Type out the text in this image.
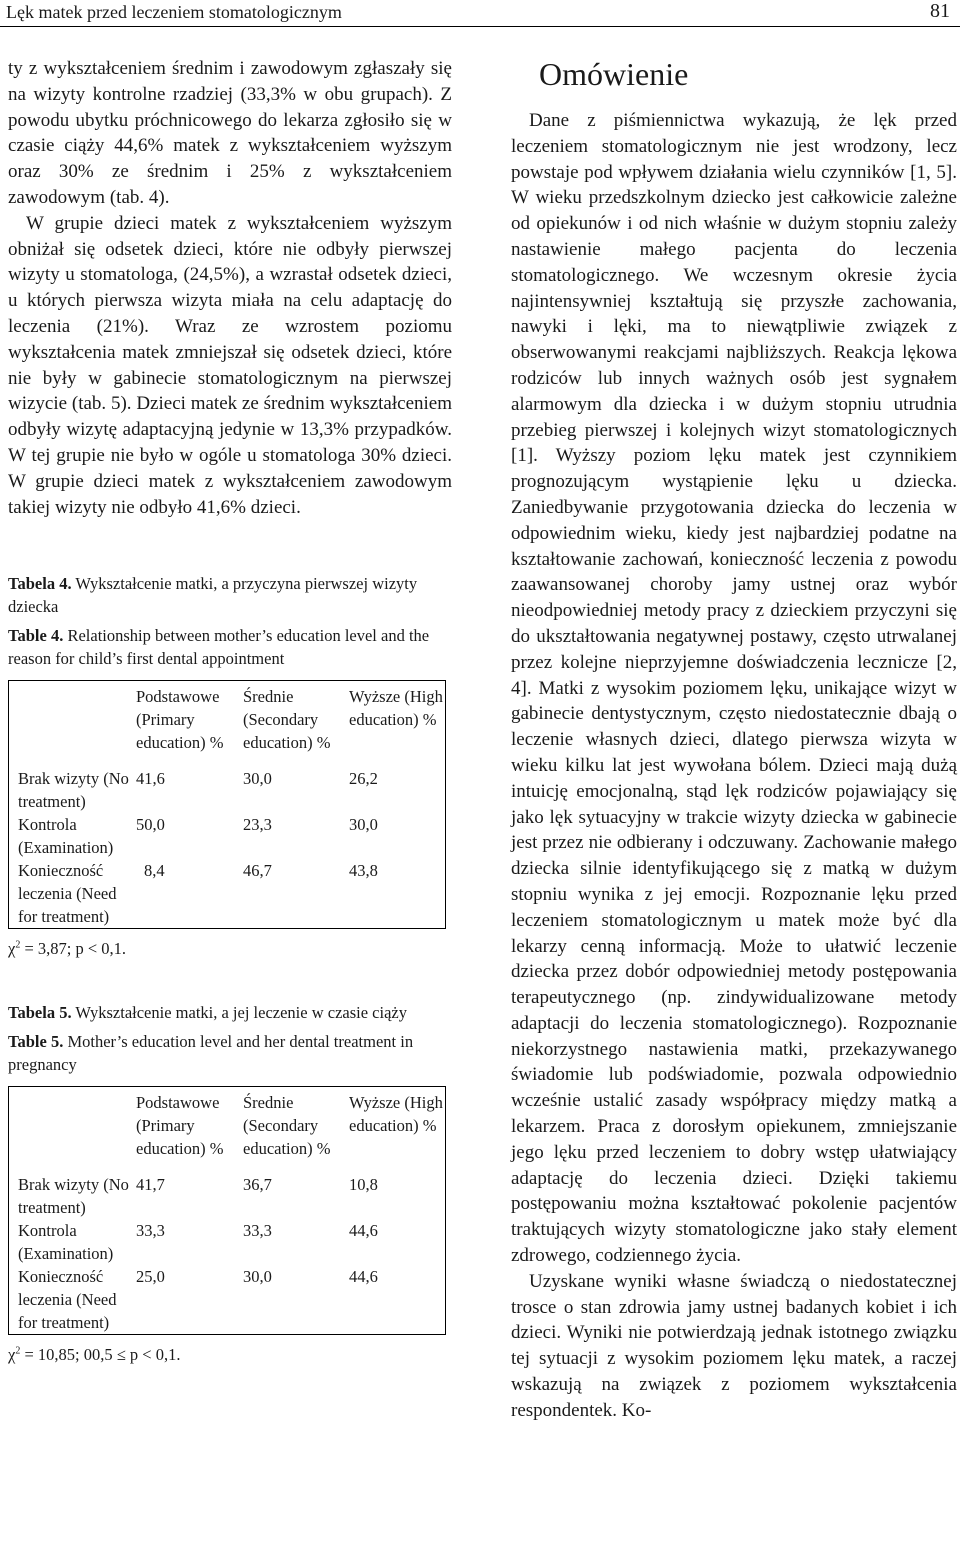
Lęk matek przed leczeniem stomatologicznym	81

ty z wykształceniem średnim i zawodowym zgłaszały się na wizyty kontrolne rzadziej (33,3% w obu grupach). Z powodu ubytku próchnicowego do lekarza zgłosiło się w czasie ciąży 44,6% matek z wykształceniem wyższym oraz 30% ze średnim i 25% z wykształceniem zawodowym (tab. 4).

W grupie dzieci matek z wykształceniem wyższym obniżał się odsetek dzieci, które nie odbyły pierwszej wizyty u stomatologa, (24,5%), a wzrastał odsetek dzieci, u których pierwsza wizyta miała na celu adaptację do leczenia (21%). Wraz ze wzrostem poziomu wykształcenia matek zmniejszał się odsetek dzieci, które nie były w gabinecie stomatologicznym na pierwszej wizycie (tab. 5). Dzieci matek ze średnim wykształceniem odbyły wizytę adaptacyjną jedynie w 13,3% przypadków. W tej grupie nie było w ogóle u stomatologa 30% dzieci. W grupie dzieci matek z wykształceniem zawodowym takiej wizyty nie odbyło 41,6% dzieci.

Tabela 4. Wykształcenie matki, a przyczyna pierwszej wizyty dziecka

Table 4. Relationship between mother’s education level and the reason for child’s first dental appointment

	Podstawowe (Primary education) %	Średnie (Secondary education) %	Wyższe (High education) %
Brak wizyty (No treatment)	41,6	30,0	26,2
Kontrola (Examination)	50,0	23,3	30,0
Konieczność leczenia (Need for treatment)	8,4	46,7	43,8
$\chi^2 = 3,87$; p < 0,1.

Tabela 5. Wykształcenie matki, a jej leczenie w czasie ciąży

Table 5. Mother’s education level and her dental treatment in pregnancy

	Podstawowe (Primary education) %	Średnie (Secondary education) %	Wyższe (High education) %
Brak wizyty (No treatment)	41,7	36,7	10,8
Kontrola (Examination)	33,3	33,3	44,6
Konieczność leczenia (Need for treatment)	25,0	30,0	44,6
$\chi^2 = 10,85$; 00,5 ≤ p < 0,1.
Omówienie

Dane z piśmiennictwa wykazują, że lęk przed leczeniem stomatologicznym nie jest wrodzony, lecz powstaje pod wpływem działania wielu czynników [1, 5]. W wieku przedszkolnym dziecko jest całkowicie zależne od opiekunów i od nich właśnie w dużym stopniu zależy nastawienie małego pacjenta do leczenia stomatologicznego. We wczesnym okresie życia najintensywniej kształtują się przyszłe zachowania, nawyki i lęki, ma to niewątpliwie związek z obserwowanymi reakcjami najbliższych. Reakcja lękowa rodziców lub innych ważnych osób jest sygnałem alarmowym dla dziecka i w dużym stopniu utrudnia przebieg pierwszej i kolejnych wizyt stomatologicznych [1]. Wyższy poziom lęku matek jest czynnikiem prognozującym wystąpienie lęku u dziecka. Zaniedbywanie przygotowania dziecka do leczenia w odpowiednim wieku, kiedy jest najbardziej podatne na kształtowanie zachowań, konieczność leczenia z powodu zaawansowanej choroby jamy ustnej oraz wybór nieodpowiedniej metody pracy z dzieckiem przyczyni się do ukształtowania negatywnej postawy, często utrwalanej przez kolejne nieprzyjemne doświadczenia lecznicze [2, 4]. Matki z wysokim poziomem lęku, unikające wizyt w gabinecie dentystycznym, często niedostatecznie dbają o leczenie własnych dzieci, dlatego pierwsza wizyta w wieku kilku lat jest wywołana bólem. Dzieci mają dużą intuicję emocjonalną, stąd lęk rodziców pojawiający się jako lęk sytuacyjny w trakcie wizyty dziecka w gabinecie jest przez nie odbierany i odczuwany. Zachowanie małego dziecka silnie identyfikującego się z matką w dużym stopniu wynika z jej emocji. Rozpoznanie lęku przed leczeniem stomatologicznym u matek może być dla lekarzy cenną informacją. Może to ułatwić leczenie dziecka przez dobór odpowiedniej metody postępowania terapeutycznego (np. zindywidualizowane metody adaptacji do leczenia stomatologicznego). Rozpoznanie niekorzystnego nastawienia matki, przekazywanego świadomie lub podświadomie, pozwala odpowiednio wcześnie ustalić zasady współpracy między matką a lekarzem. Praca z dorosłym opiekunem, zmniejszanie jego lęku przed leczeniem to dobry wstęp ułatwiający adaptację do leczenia dzieci. Dzięki takiemu postępowaniu można kształtować pokolenie pacjentów traktujących wizyty stomatologiczne jako stały element zdrowego, codziennego życia.

Uzyskane wyniki własne świadczą o niedostatecznej trosce o stan zdrowia jamy ustnej badanych kobiet i ich dzieci. Wyniki nie potwierdzają jednak istotnego związku tej sytuacji z wysokim poziomem lęku matek, a raczej wskazują na związek z poziomem wykształcenia respondentek. Ko-
